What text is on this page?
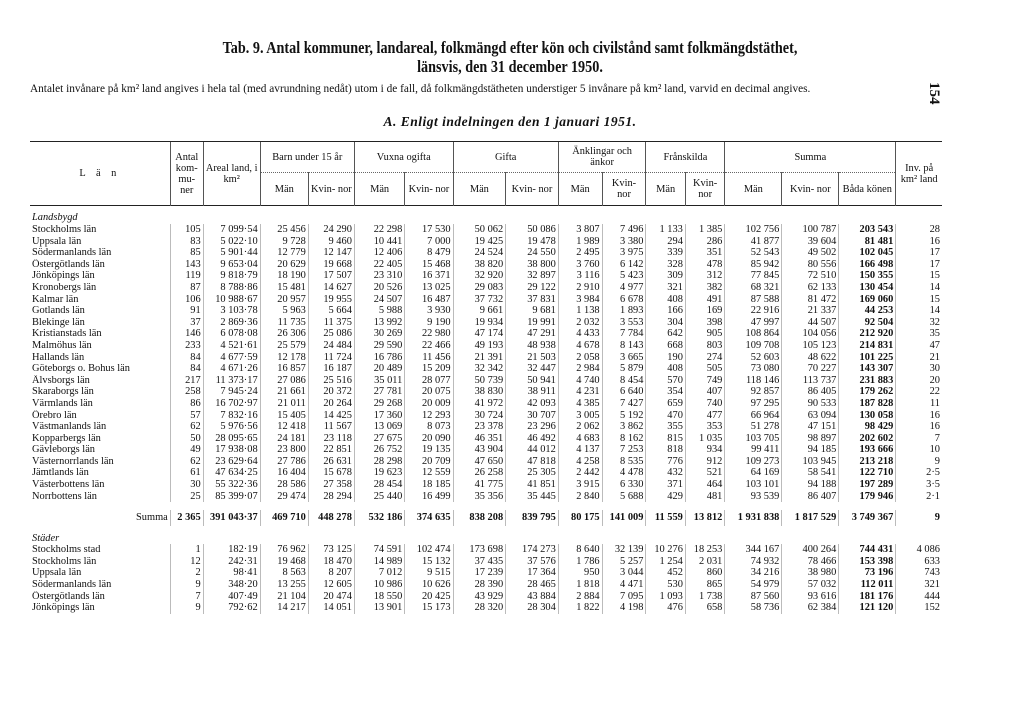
Tab. 9. Antal kommuner, landareal, folkmängd efter kön och civilstånd samt folkmängdstäthet,
länsvis, den 31 december 1950.
154
Antalet invånare på km² land angives i hela tal (med avrundning nedåt) utom i de fall, då folkmängdstätheten understiger 5 invånare på km² land, varvid en decimal angives.
A. Enligt indelningen den 1 januari 1951.
L ä n	Antal kom- mu- ner	Areal land, i km²	Barn under 15 år		Vuxna ogifta		Gifta		Änklingar och änkor		Frånskilda		Summa			Inv. på km² land
			Män	Kvin- nor	Män	Kvin- nor	Män	Kvin- nor	Män	Kvin- nor	Män	Kvin- nor	Män	Kvin- nor	Båda könen	
Landsbygd																
Stockholms län	105	7 099·54	25 456	24 290	22 298	17 530	50 062	50 086	3 807	7 496	1 133	1 385	102 756	100 787	203 543	28
Uppsala län	83	5 022·10	9 728	9 460	10 441	7 000	19 425	19 478	1 989	3 380	294	286	41 877	39 604	81 481	16
Södermanlands län	85	5 901·44	12 779	12 147	12 406	8 479	24 524	24 550	2 495	3 975	339	351	52 543	49 502	102 045	17
Östergötlands län	143	9 653·04	20 629	19 668	22 405	15 468	38 820	38 800	3 760	6 142	328	478	85 942	80 556	166 498	17
Jönköpings län	119	9 818·79	18 190	17 507	23 310	16 371	32 920	32 897	3 116	5 423	309	312	77 845	72 510	150 355	15
Kronobergs län	87	8 788·86	15 481	14 627	20 526	13 025	29 083	29 122	2 910	4 977	321	382	68 321	62 133	130 454	14
Kalmar län	106	10 988·67	20 957	19 955	24 507	16 487	37 732	37 831	3 984	6 678	408	491	87 588	81 472	169 060	15
Gotlands län	91	3 103·78	5 963	5 664	5 988	3 930	9 661	9 681	1 138	1 893	166	169	22 916	21 337	44 253	14
Blekinge län	37	2 869·36	11 735	11 375	13 992	9 190	19 934	19 991	2 032	3 553	304	398	47 997	44 507	92 504	32
Kristianstads län	146	6 078·08	26 306	25 086	30 269	22 980	47 174	47 291	4 433	7 784	642	905	108 864	104 056	212 920	35
Malmöhus län	233	4 521·61	25 579	24 484	29 590	22 466	49 193	48 938	4 678	8 143	668	803	109 708	105 123	214 831	47
Hallands län	84	4 677·59	12 178	11 724	16 786	11 456	21 391	21 503	2 058	3 665	190	274	52 603	48 622	101 225	21
Göteborgs o. Bohus län	84	4 671·26	16 857	16 187	20 489	15 209	32 342	32 447	2 984	5 879	408	505	73 080	70 227	143 307	30
Älvsborgs län	217	11 373·17	27 086	25 516	35 011	28 077	50 739	50 941	4 740	8 454	570	749	118 146	113 737	231 883	20
Skaraborgs län	258	7 945·24	21 661	20 372	27 781	20 075	38 830	38 911	4 231	6 640	354	407	92 857	86 405	179 262	22
Värmlands län	86	16 702·97	21 011	20 264	29 268	20 009	41 972	42 093	4 385	7 427	659	740	97 295	90 533	187 828	11
Örebro län	57	7 832·16	15 405	14 425	17 360	12 293	30 724	30 707	3 005	5 192	470	477	66 964	63 094	130 058	16
Västmanlands län	62	5 976·56	12 418	11 567	13 069	8 073	23 378	23 296	2 062	3 862	355	353	51 278	47 151	98 429	16
Kopparbergs län	50	28 095·65	24 181	23 118	27 675	20 090	46 351	46 492	4 683	8 162	815	1 035	103 705	98 897	202 602	7
Gävleborgs län	49	17 938·08	23 800	22 851	26 752	19 135	43 904	44 012	4 137	7 253	818	934	99 411	94 185	193 666	10
Västernorrlands län	62	23 629·64	27 786	26 631	28 298	20 709	47 650	47 818	4 258	8 535	776	912	109 273	103 945	213 218	9
Jämtlands län	61	47 634·25	16 404	15 678	19 623	12 559	26 258	25 305	2 442	4 478	432	521	64 169	58 541	122 710	2·5
Västerbottens län	30	55 322·36	28 586	27 358	28 454	18 185	41 775	41 851	3 915	6 330	371	464	103 101	94 188	197 289	3·5
Norrbottens län	25	85 399·07	29 474	28 294	25 440	16 499	35 356	35 445	2 840	5 688	429	481	93 539	86 407	179 946	2·1

Summa	2 365	391 043·37	469 710	448 278	532 186	374 635	838 208	839 795	80 175	141 009	11 559	13 812	1 931 838	1 817 529	3 749 367	9
Städer																
Stockholms stad	1	182·19	76 962	73 125	74 591	102 474	173 698	174 273	8 640	32 139	10 276	18 253	344 167	400 264	744 431	4 086
Stockholms län	12	242·31	19 468	18 470	14 989	15 132	37 435	37 576	1 786	5 257	1 254	2 031	74 932	78 466	153 398	633
Uppsala län	2	98·41	8 563	8 207	7 012	9 515	17 239	17 364	950	3 044	452	860	34 216	38 980	73 196	743
Södermanlands län	9	348·20	13 255	12 605	10 986	10 626	28 390	28 465	1 818	4 471	530	865	54 979	57 032	112 011	321
Östergötlands län	7	407·49	21 104	20 474	18 550	20 425	43 929	43 884	2 884	7 095	1 093	1 738	87 560	93 616	181 176	444
Jönköpings län	9	792·62	14 217	14 051	13 901	15 173	28 320	28 304	1 822	4 198	476	658	58 736	62 384	121 120	152
